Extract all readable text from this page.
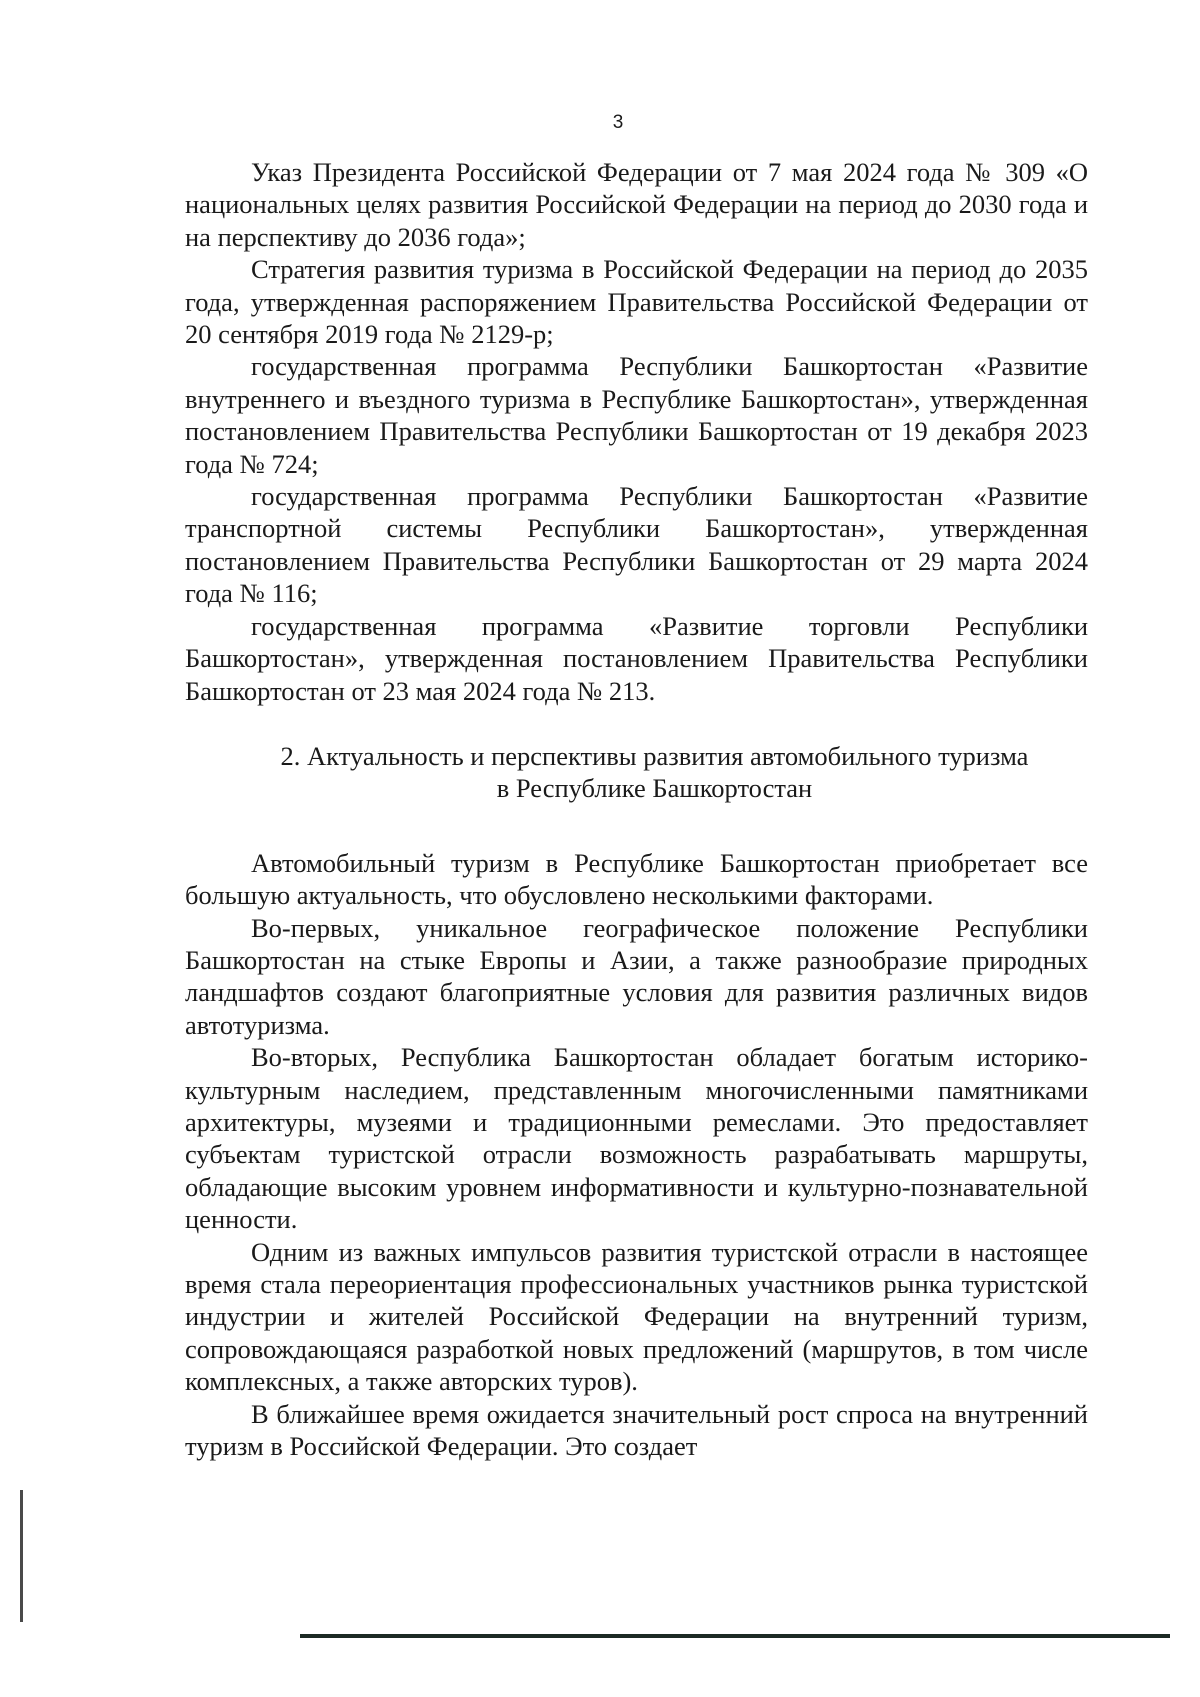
3

Указ Президента Российской Федерации от 7 мая 2024 года № 309 «О национальных целях развития Российской Федерации на период до 2030 года и на перспективу до 2036 года»;

Стратегия развития туризма в Российской Федерации на период до 2035 года, утвержденная распоряжением Правительства Российской Федерации от 20 сентября 2019 года № 2129-р;

государственная программа Республики Башкортостан «Развитие внутреннего и въездного туризма в Республике Башкортостан», утвержденная постановлением Правительства Республики Башкортостан от 19 декабря 2023 года № 724;

государственная программа Республики Башкортостан «Развитие транспортной системы Республики Башкортостан», утвержденная постановлением Правительства Республики Башкортостан от 29 марта 2024 года № 116;

государственная программа «Развитие торговли Республики Башкортостан», утвержденная постановлением Правительства Республики Башкортостан от 23 мая 2024 года № 213.

2. Актуальность и перспективы развития автомобильного туризма

в Республике Башкортостан

Автомобильный туризм в Республике Башкортостан приобретает все большую актуальность, что обусловлено несколькими факторами.

Во-первых, уникальное географическое положение Республики Башкортостан на стыке Европы и Азии, а также разнообразие природных ландшафтов создают благоприятные условия для развития различных видов автотуризма.

Во-вторых, Республика Башкортостан обладает богатым историко-культурным наследием, представленным многочисленными памятниками архитектуры, музеями и традиционными ремеслами. Это предоставляет субъектам туристской отрасли возможность разрабатывать маршруты, обладающие высоким уровнем информативности и культурно-познавательной ценности.

Одним из важных импульсов развития туристской отрасли в настоящее время стала переориентация профессиональных участников рынка туристской индустрии и жителей Российской Федерации на внутренний туризм, сопровождающаяся разработкой новых предложений (маршрутов, в том числе комплексных, а также авторских туров).

В ближайшее время ожидается значительный рост спроса на внутренний туризм в Российской Федерации. Это создает
